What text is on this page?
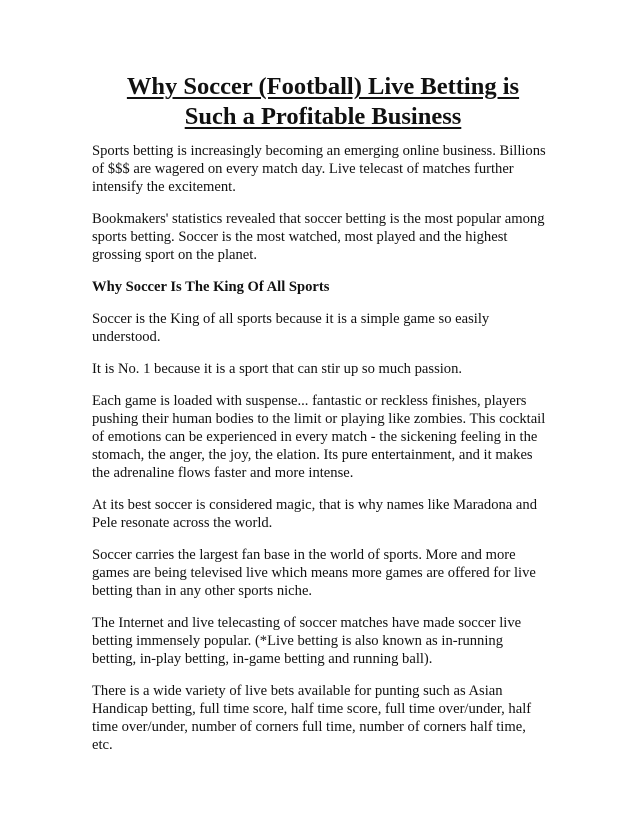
Why Soccer (Football) Live Betting is
Such a Profitable Business

Sports betting is increasingly becoming an emerging online business. Billions of $$$ are wagered on every match day. Live telecast of matches further intensify the excitement.

Bookmakers' statistics revealed that soccer betting is the most popular among sports betting. Soccer is the most watched, most played and the highest grossing sport on the planet.

Why Soccer Is The King Of All Sports

Soccer is the King of all sports because it is a simple game so easily understood.

It is No. 1 because it is a sport that can stir up so much passion.

Each game is loaded with suspense... fantastic or reckless finishes, players pushing their human bodies to the limit or playing like zombies. This cocktail of emotions can be experienced in every match - the sickening feeling in the stomach, the anger, the joy, the elation. Its pure entertainment, and it makes the adrenaline flows faster and more intense.

At its best soccer is considered magic, that is why names like Maradona and Pele resonate across the world.

Soccer carries the largest fan base in the world of sports. More and more games are being televised live which means more games are offered for live betting than in any other sports niche.

The Internet and live telecasting of soccer matches have made soccer live betting immensely popular. (*Live betting is also known as in-running betting, in-play betting, in-game betting and running ball).

There is a wide variety of live bets available for punting such as Asian Handicap betting, full time score, half time score, full time over/under, half time over/under, number of corners full time, number of corners half time, etc.
